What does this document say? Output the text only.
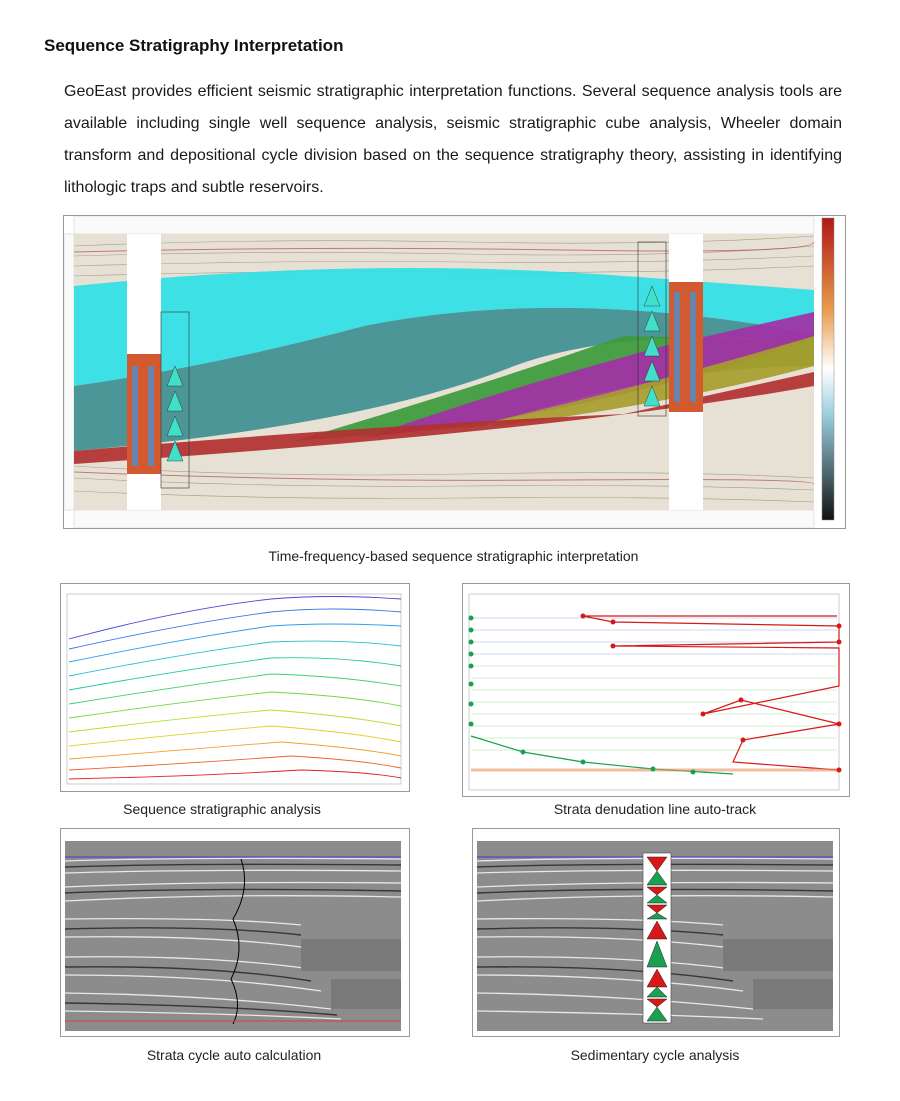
Sequence Stratigraphy Interpretation

GeoEast provides efficient seismic stratigraphic interpretation functions. Several sequence analysis tools are available including single well sequence analysis, seismic stratigraphic cube analysis, Wheeler domain transform and depositional cycle division based on the sequence stratigraphy theory, assisting in identifying lithologic traps and subtle reservoirs.

Time-frequency-based sequence stratigraphic interpretation
Sequence stratigraphic analysis	Strata denudation line auto-track
Strata cycle auto calculation	Sedimentary cycle analysis
